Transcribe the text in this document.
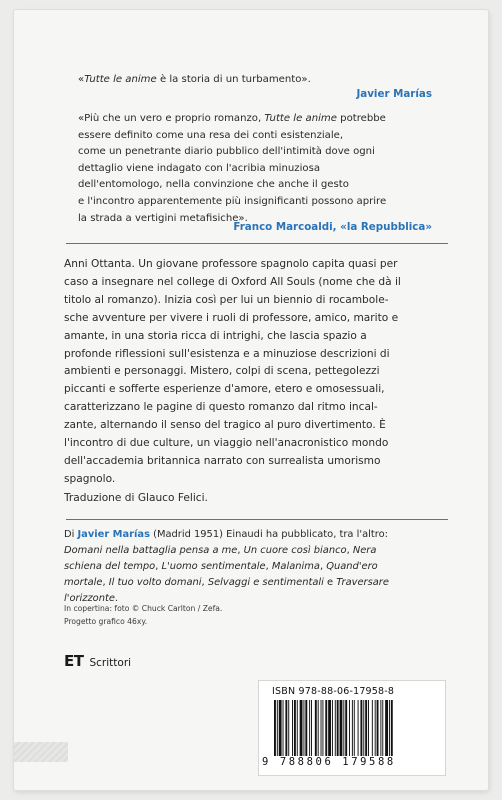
«Tutte le anime è la storia di un turbamento».
Javier Marías
«Più che un vero e proprio romanzo, Tutte le anime potrebbe
essere definito come una resa dei conti esistenziale,
come un penetrante diario pubblico dell'intimità dove ogni
dettaglio viene indagato con l'acribia minuziosa
dell'entomologo, nella convinzione che anche il gesto
e l'incontro apparentemente più insignificanti possono aprire
la strada a vertigini metafisiche».
Franco Marcoaldi, «la Repubblica»
Anni Ottanta. Un giovane professore spagnolo capita quasi per
caso a insegnare nel college di Oxford All Souls (nome che dà il
titolo al romanzo). Inizia così per lui un biennio di rocambole-
sche avventure per vivere i ruoli di professore, amico, marito e
amante, in una storia ricca di intrighi, che lascia spazio a
profonde riflessioni sull'esistenza e a minuziose descrizioni di
ambienti e personaggi. Mistero, colpi di scena, pettegolezzi
piccanti e sofferte esperienze d'amore, etero e omosessuali,
caratterizzano le pagine di questo romanzo dal ritmo incal-
zante, alternando il senso del tragico al puro divertimento. È
l'incontro di due culture, un viaggio nell'anacronistico mondo
dell'accademia britannica narrato con surrealista umorismo
spagnolo.
Traduzione di Glauco Felici.
Di Javier Marías (Madrid 1951) Einaudi ha pubblicato, tra l'altro:
Domani nella battaglia pensa a me, Un cuore così bianco, Nera
schiena del tempo, L'uomo sentimentale, Malanima, Quand'ero
mortale, Il tuo volto domani, Selvaggi e sentimentali e Traversare
l'orizzonte.
In copertina: foto © Chuck Carlton / Zefa.
Progetto grafico 46xy.
ET Scrittori
ISBN 978-88-06-17958-8
9 788806 179588
